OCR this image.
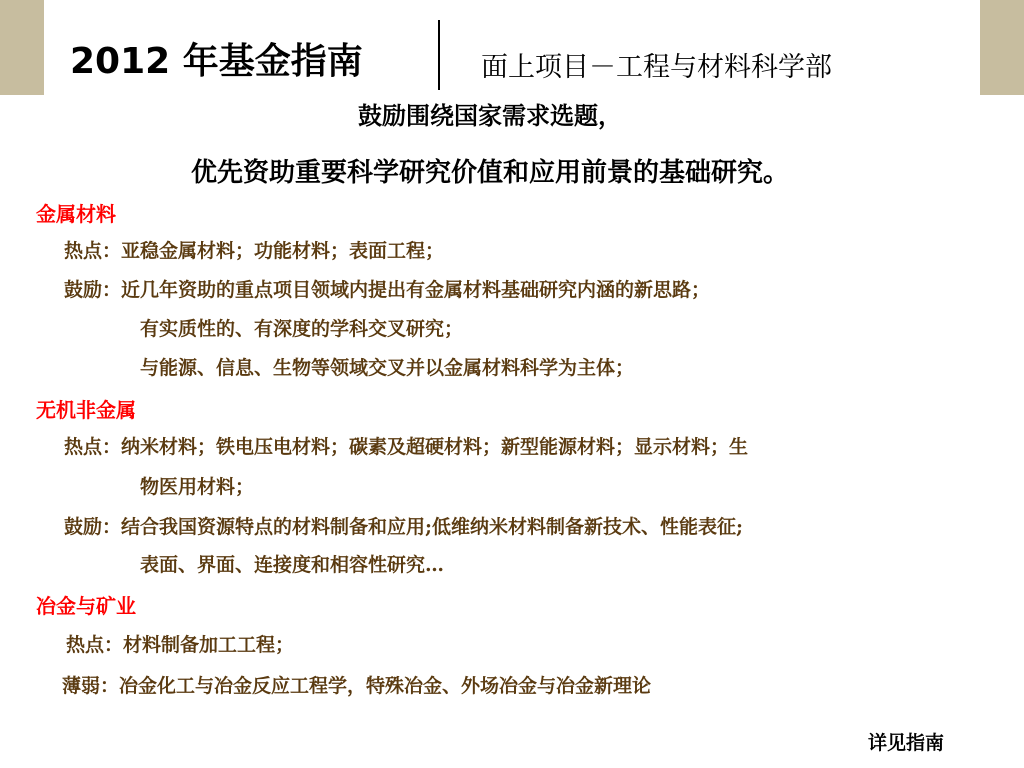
2012 年基金指南	面上项目－工程与材料科学部
鼓励围绕国家需求选题，
优先资助重要科学研究价值和应用前景的基础研究。
金属材料
热点：亚稳金属材料；功能材料；表面工程；
鼓励：近几年资助的重点项目领域内提出有金属材料基础研究内涵的新思路；
有实质性的、有深度的学科交叉研究；
与能源、信息、生物等领域交叉并以金属材料科学为主体；
无机非金属
热点：纳米材料；铁电压电材料；碳素及超硬材料；新型能源材料；显示材料；生
物医用材料；
鼓励：结合我国资源特点的材料制备和应用;低维纳米材料制备新技术、性能表征;
表面、界面、连接度和相容性研究…
冶金与矿业
热点：材料制备加工工程；
薄弱：冶金化工与冶金反应工程学，特殊冶金、外场冶金与冶金新理论
详见指南
